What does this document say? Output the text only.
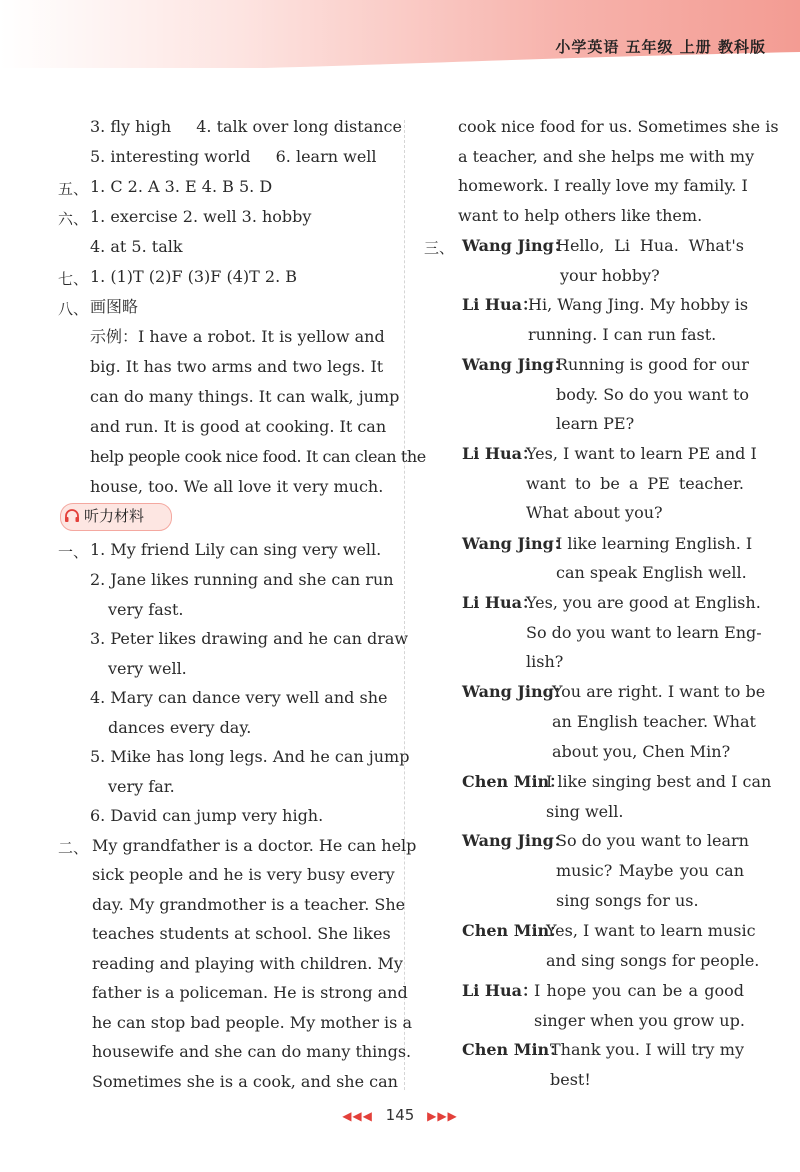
小学英语 五年级 上册 教科版
3. fly high 4. talk over long distance
5. interesting world 6. learn well
五、 1. C 2. A 3. E 4. B 5. D
六、 1. exercise 2. well 3. hobby
4. at 5. talk
七、 1. (1)T (2)F (3)F (4)T 2. B
八、 画图略
示例：I have a robot. It is yellow and
big. It has two arms and two legs. It
can do many things. It can walk, jump
and run. It is good at cooking. It can
help people cook nice food. It can clean the
house, too. We all love it very much.
听力材料
一、 1. My friend Lily can sing very well.
2. Jane likes running and she can run
very fast.
3. Peter likes drawing and he can draw
very well.
4. Mary can dance very well and she
dances every day.
5. Mike has long legs. And he can jump
very far.
6. David can jump very high.
二、 My grandfather is a doctor. He can help
sick people and he is very busy every
day. My grandmother is a teacher. She
teaches students at school. She likes
reading and playing with children. My
father is a policeman. He is strong and
he can stop bad people. My mother is a
housewife and she can do many things.
Sometimes she is a cook, and she can
cook nice food for us. Sometimes she is
a teacher, and she helps me with my
homework. I really love my family. I
want to help others like them.
三、 Wang Jing：
Hello, Li Hua. What's
your hobby?
Li Hua：
Hi, Wang Jing. My hobby is
running. I can run fast.
Wang Jing：
Running is good for our
body. So do you want to
learn PE?
Li Hua：
Yes, I want to learn PE and I
want to be a PE teacher.
What about you?
Wang Jing：
I like learning English. I
can speak English well.
Li Hua：
Yes, you are good at English.
So do you want to learn Eng-
lish?
Wang Jing：
You are right. I want to be
an English teacher. What
about you, Chen Min?
Chen Min：
I like singing best and I can
sing well.
Wang Jing：
So do you want to learn
music? Maybe you can
sing songs for us.
Chen Min：
Yes, I want to learn music
and sing songs for people.
Li Hua：
I hope you can be a good
singer when you grow up.
Chen Min：
Thank you. I will try my
best!
◀◀◀ 145 ▶▶▶
